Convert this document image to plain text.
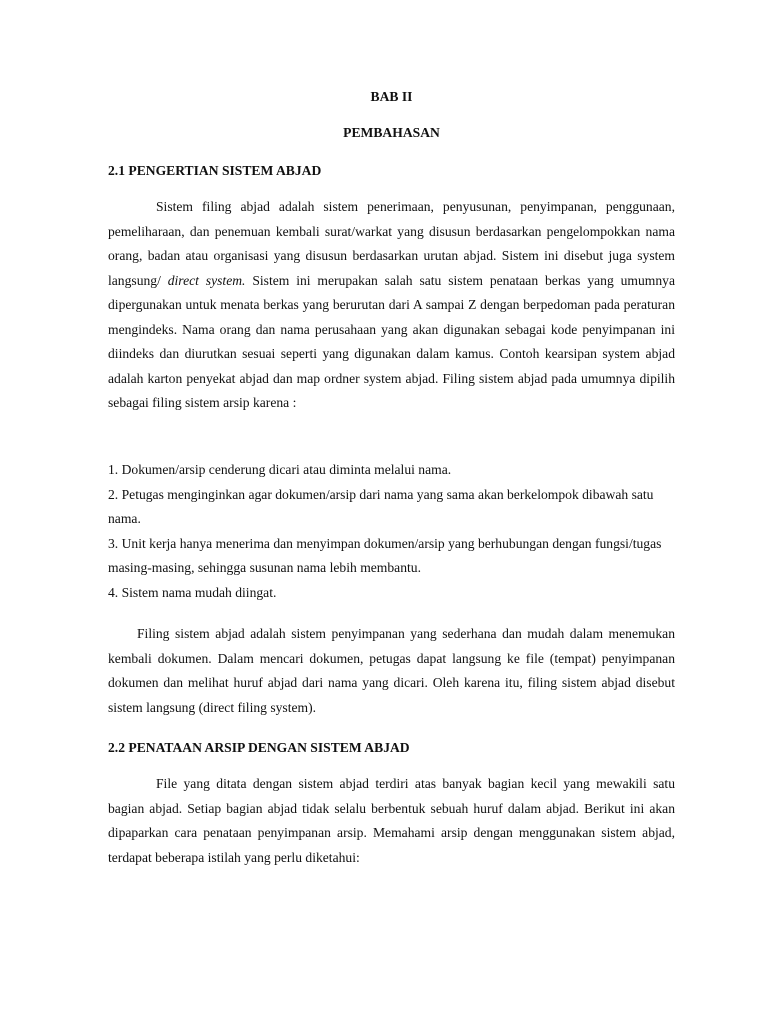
BAB II
PEMBAHASAN
2.1 PENGERTIAN SISTEM ABJAD

Sistem filing abjad adalah sistem penerimaan, penyusunan, penyimpanan, penggunaan, pemeliharaan, dan penemuan kembali surat/warkat yang disusun berdasarkan pengelompokkan nama orang, badan atau organisasi yang disusun berdasarkan urutan abjad. Sistem ini disebut juga system langsung/ direct system. Sistem ini merupakan salah satu sistem penataan berkas yang umumnya dipergunakan untuk menata berkas yang berurutan dari A sampai Z dengan berpedoman pada peraturan mengindeks. Nama orang dan nama perusahaan yang akan digunakan sebagai kode penyimpanan ini diindeks dan diurutkan sesuai seperti yang digunakan dalam kamus. Contoh kearsipan system abjad adalah karton penyekat abjad dan map ordner system abjad. Filing sistem abjad pada umumnya dipilih sebagai filing sistem arsip karena :

1. Dokumen/arsip cenderung dicari atau diminta melalui nama.
2. Petugas menginginkan agar dokumen/arsip dari nama yang sama akan berkelompok dibawah satu nama.
3. Unit kerja hanya menerima dan menyimpan dokumen/arsip yang berhubungan dengan fungsi/tugas masing-masing, sehingga susunan nama lebih membantu.
4. Sistem nama mudah diingat.

Filing sistem abjad adalah sistem penyimpanan yang sederhana dan mudah dalam menemukan kembali dokumen. Dalam mencari dokumen, petugas dapat langsung ke file (tempat) penyimpanan dokumen dan melihat huruf abjad dari nama yang dicari. Oleh karena itu, filing sistem abjad disebut sistem langsung (direct filing system).

2.2 PENATAAN ARSIP DENGAN SISTEM ABJAD

File yang ditata dengan sistem abjad terdiri atas banyak bagian kecil yang mewakili satu bagian abjad. Setiap bagian abjad tidak selalu berbentuk sebuah huruf dalam abjad. Berikut ini akan dipaparkan cara penataan penyimpanan arsip. Memahami arsip dengan menggunakan sistem abjad, terdapat beberapa istilah yang perlu diketahui:
